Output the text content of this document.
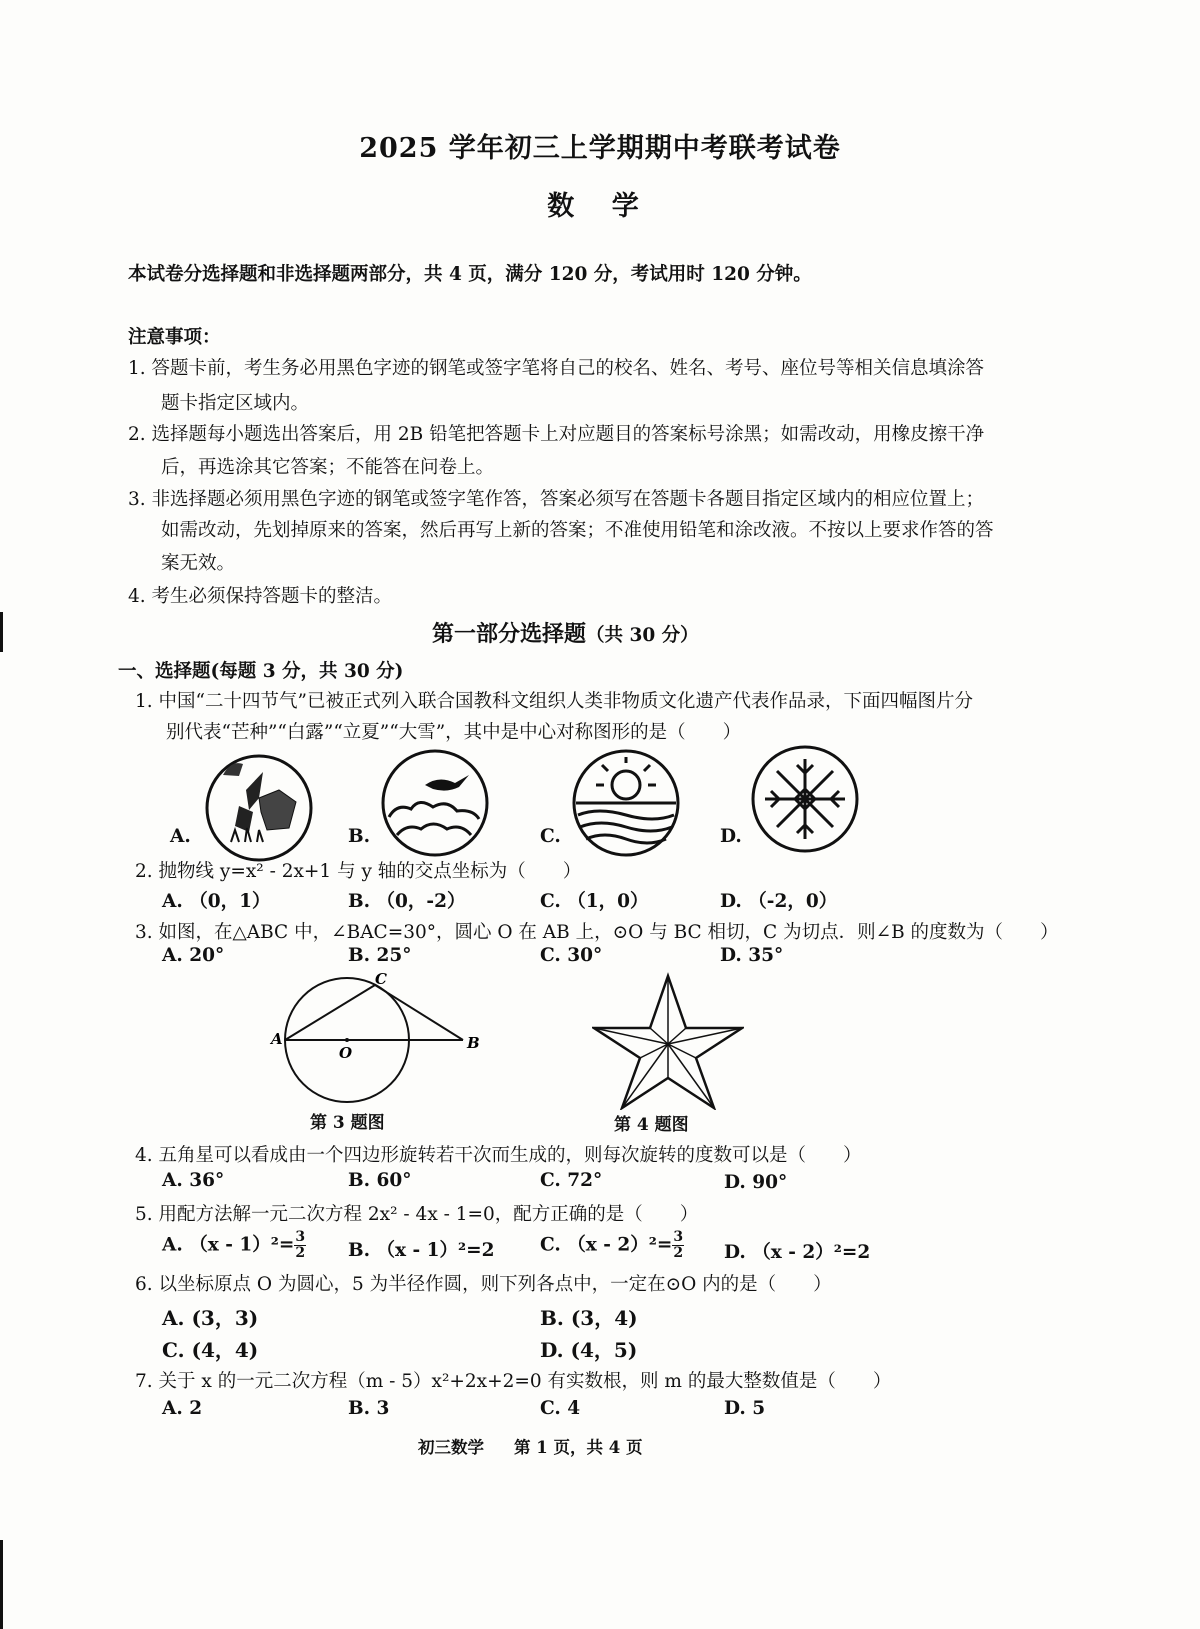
2025 学年初三上学期期中考联考试卷
数 学
本试卷分选择题和非选择题两部分，共 4 页，满分 120 分，考试用时 120 分钟。
注意事项：
1. 答题卡前，考生务必用黑色字迹的钢笔或签字笔将自己的校名、姓名、考号、座位号等相关信息填涂答
题卡指定区域内。
2. 选择题每小题选出答案后，用 2B 铅笔把答题卡上对应题目的答案标号涂黑；如需改动，用橡皮擦干净
后，再选涂其它答案；不能答在问卷上。
3. 非选择题必须用黑色字迹的钢笔或签字笔作答，答案必须写在答题卡各题目指定区域内的相应位置上；
如需改动，先划掉原来的答案，然后再写上新的答案；不准使用铅笔和涂改液。不按以上要求作答的答
案无效。
4. 考生必须保持答题卡的整洁。
第一部分选择题（共 30 分）
一、选择题(每题 3 分，共 30 分)
1. 中国“二十四节气”已被正式列入联合国教科文组织人类非物质文化遗产代表作品录，下面四幅图片分
别代表“芒种”“白露”“立夏”“大雪”，其中是中心对称图形的是（　　）
A.	B.	C.	D.
2. 抛物线 y=x² - 2x+1 与 y 轴的交点坐标为（　　）
A. （0，1）	B. （0，-2）	C. （1，0）	D. （-2，0）
3. 如图，在△ABC 中，∠BAC=30°，圆心 O 在 AB 上，⊙O 与 BC 相切，C 为切点．则∠B 的度数为（　　）
A. 20°	B. 25°	C. 30°	D. 35°
A	B
C
O
第 3 题图	第 4 题图
4. 五角星可以看成由一个四边形旋转若干次而生成的，则每次旋转的度数可以是（　　）
A. 36°	B. 60°	C. 72°	D. 90°
5. 用配方法解一元二次方程 2x² - 4x - 1=0，配方正确的是（　　）
A. $(x - 1)^2= \frac{3}{2} B$. （x - 1）²=2 C. $(x - 2)^2= \frac{3}{2} D$. （x - 2）²=2
6. 以坐标原点 O 为圆心，5 为半径作圆，则下列各点中，一定在⊙O 内的是（　　）
A. (3，3)	B. (3，4)
C. (4，4)	D. (4，5)
7. 关于 x 的一元二次方程（m - 5）x²+2x+2=0 有实数根，则 m 的最大整数值是（　　）
A. 2	B. 3	C. 4	D. 5
初三数学 第 1 页，共 4 页
